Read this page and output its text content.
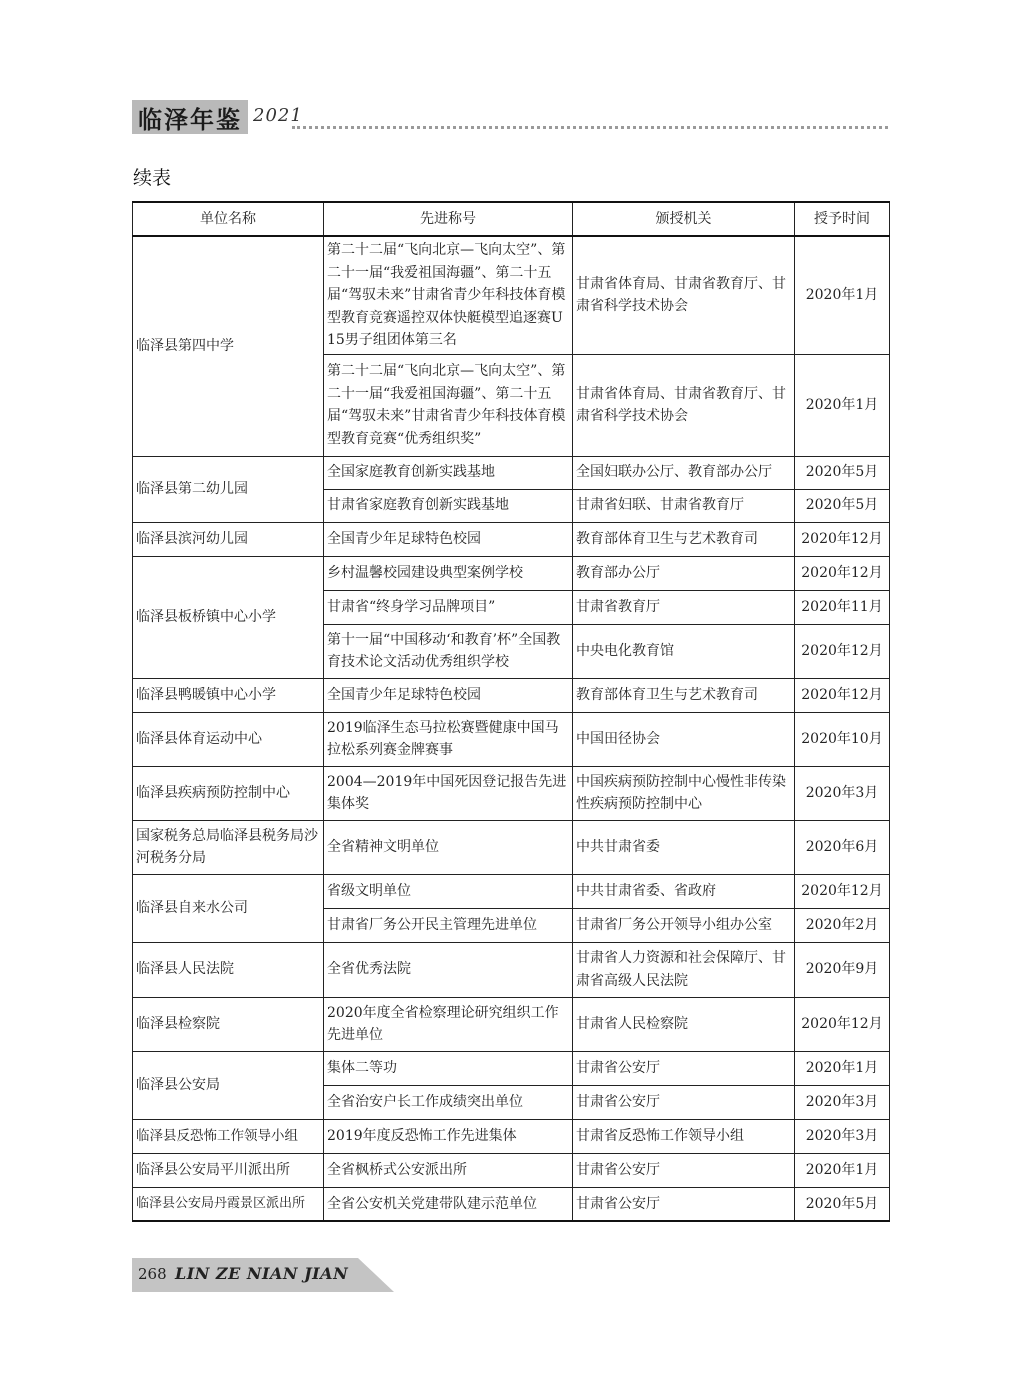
临泽年鉴 2021
续表
单位名称	先进称号	颁授机关	授予时间
临泽县第四中学	第二十二届“飞向北京—飞向太空”、第二十一届“我爱祖国海疆”、第二十五届“驾驭未来”甘肃省青少年科技体育模型教育竞赛遥控双体快艇模型追逐赛U15男子组团体第三名	甘肃省体育局、甘肃省教育厅、甘肃省科学技术协会	2020年1月
	第二十二届“飞向北京—飞向太空”、第二十一届“我爱祖国海疆”、第二十五届“驾驭未来”甘肃省青少年科技体育模型教育竞赛“优秀组织奖”	甘肃省体育局、甘肃省教育厅、甘肃省科学技术协会	2020年1月
临泽县第二幼儿园	全国家庭教育创新实践基地	全国妇联办公厅、教育部办公厅	2020年5月
	甘肃省家庭教育创新实践基地	甘肃省妇联、甘肃省教育厅	2020年5月
临泽县滨河幼儿园	全国青少年足球特色校园	教育部体育卫生与艺术教育司	2020年12月
临泽县板桥镇中心小学	乡村温馨校园建设典型案例学校	教育部办公厅	2020年12月
	甘肃省“终身学习品牌项目”	甘肃省教育厅	2020年11月
	第十一届“中国移动‘和教育’杯”全国教育技术论文活动优秀组织学校	中央电化教育馆	2020年12月
临泽县鸭暖镇中心小学	全国青少年足球特色校园	教育部体育卫生与艺术教育司	2020年12月
临泽县体育运动中心	2019临泽生态马拉松赛暨健康中国马拉松系列赛金牌赛事	中国田径协会	2020年10月
临泽县疾病预防控制中心	2004—2019年中国死因登记报告先进集体奖	中国疾病预防控制中心慢性非传染性疾病预防控制中心	2020年3月
国家税务总局临泽县税务局沙河税务分局	全省精神文明单位	中共甘肃省委	2020年6月
临泽县自来水公司	省级文明单位	中共甘肃省委、省政府	2020年12月
	甘肃省厂务公开民主管理先进单位	甘肃省厂务公开领导小组办公室	2020年2月
临泽县人民法院	全省优秀法院	甘肃省人力资源和社会保障厅、甘肃省高级人民法院	2020年9月
临泽县检察院	2020年度全省检察理论研究组织工作先进单位	甘肃省人民检察院	2020年12月
临泽县公安局	集体二等功	甘肃省公安厅	2020年1月
	全省治安户长工作成绩突出单位	甘肃省公安厅	2020年3月
临泽县反恐怖工作领导小组	2019年度反恐怖工作先进集体	甘肃省反恐怖工作领导小组	2020年3月
临泽县公安局平川派出所	全省枫桥式公安派出所	甘肃省公安厅	2020年1月
临泽县公安局丹霞景区派出所	全省公安机关党建带队建示范单位	甘肃省公安厅	2020年5月
268 LIN ZE NIAN JIAN
